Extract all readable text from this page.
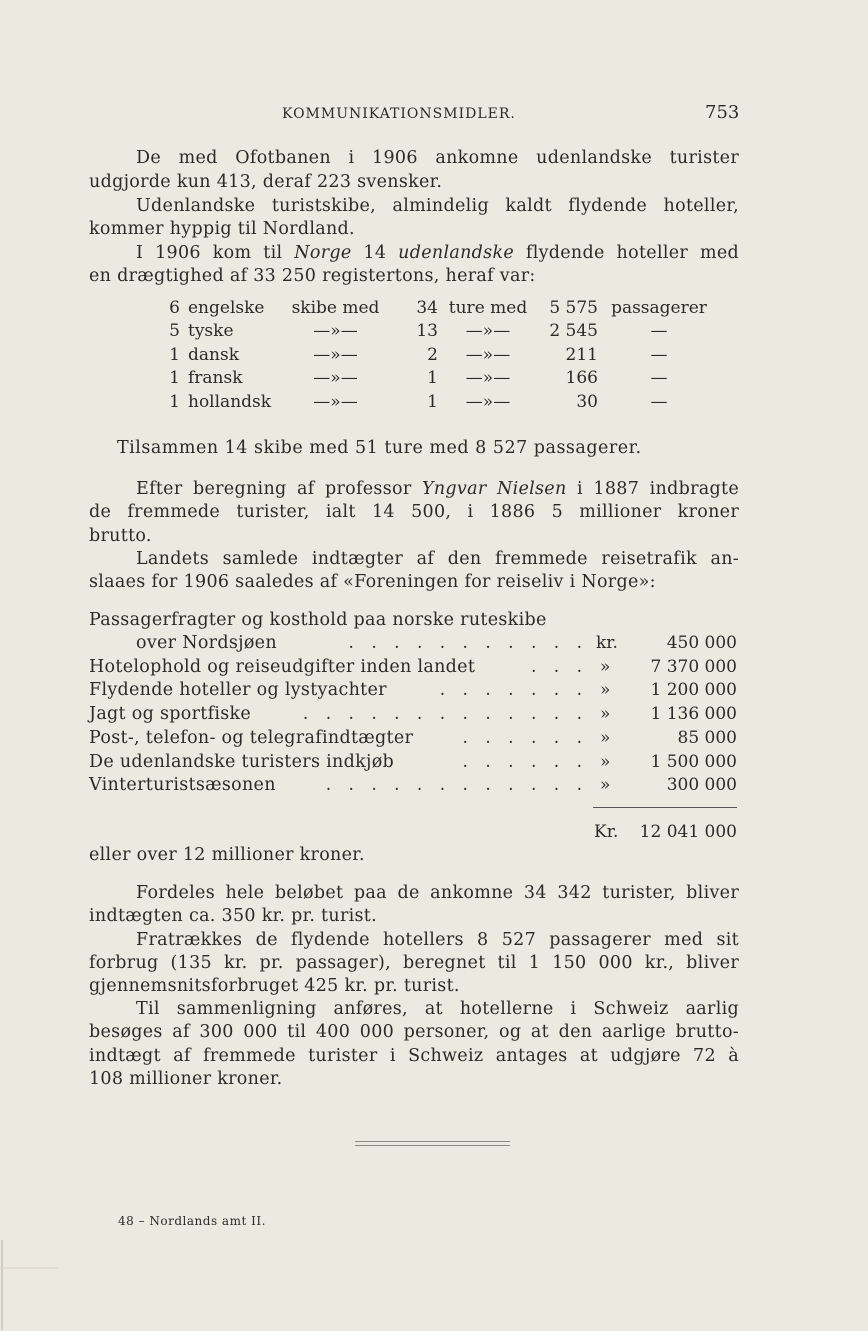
KOMMUNIKATIONSMIDLER.	753
De med Ofotbanen i 1906 ankomne udenlandske turister
udgjorde kun 413, deraf 223 svensker.
Udenlandske turistskibe, almindelig kaldt flydende hoteller,
kommer hyppig til Nordland.
I 1906 kom til Norge 14 udenlandske flydende hoteller med
en drægtighed af 33 250 registertons, heraf var:
6	engelske	skibe med	34	ture med	5 575	passagerer
5	tyske	—»—	13	—»—	2 545	—
1	dansk	—»—	2	—»—	211	—
1	fransk	—»—	1	—»—	166	—
1	hollandsk	—»—	1	—»—	30	—
Tilsammen 14 skibe med 51 ture med 8 527 passagerer.
Efter beregning af professor Yngvar Nielsen i 1887 indbragte
de fremmede turister, ialt 14 500, i 1886 5 millioner kroner
brutto.
Landets samlede indtægter af den fremmede reisetrafik an-
slaaes for 1906 saaledes af «Foreningen for reiseliv i Norge»:
Passagerfragter og kosthold paa norske ruteskibe
over Nordsjøen	. . . . . . . . . . . kr.	450 000
Hotelophold og reiseudgifter inden landet	. . . »	7 370 000
Flydende hoteller og lystyachter	. . . . . . . »	1 200 000
Jagt og sportfiske	. . . . . . . . . . . . . »	1 136 000
Post-, telefon- og telegrafindtægter	. . . . . . »	85 000
De udenlandske turisters indkjøb	. . . . . . »	1 500 000
Vinterturistsæsonen	. . . . . . . . . . . . »	300 000
Kr.	12 041 000
eller over 12 millioner kroner.
Fordeles hele beløbet paa de ankomne 34 342 turister, bliver
indtægten ca. 350 kr. pr. turist.
Fratrækkes de flydende hotellers 8 527 passagerer med sit
forbrug (135 kr. pr. passager), beregnet til 1 150 000 kr., bliver
gjennemsnitsforbruget 425 kr. pr. turist.
Til sammenligning anføres, at hotellerne i Schweiz aarlig
besøges af 300 000 til 400 000 personer, og at den aarlige brutto-
indtægt af fremmede turister i Schweiz antages at udgjøre 72 à
108 millioner kroner.
48 – Nordlands amt II.
